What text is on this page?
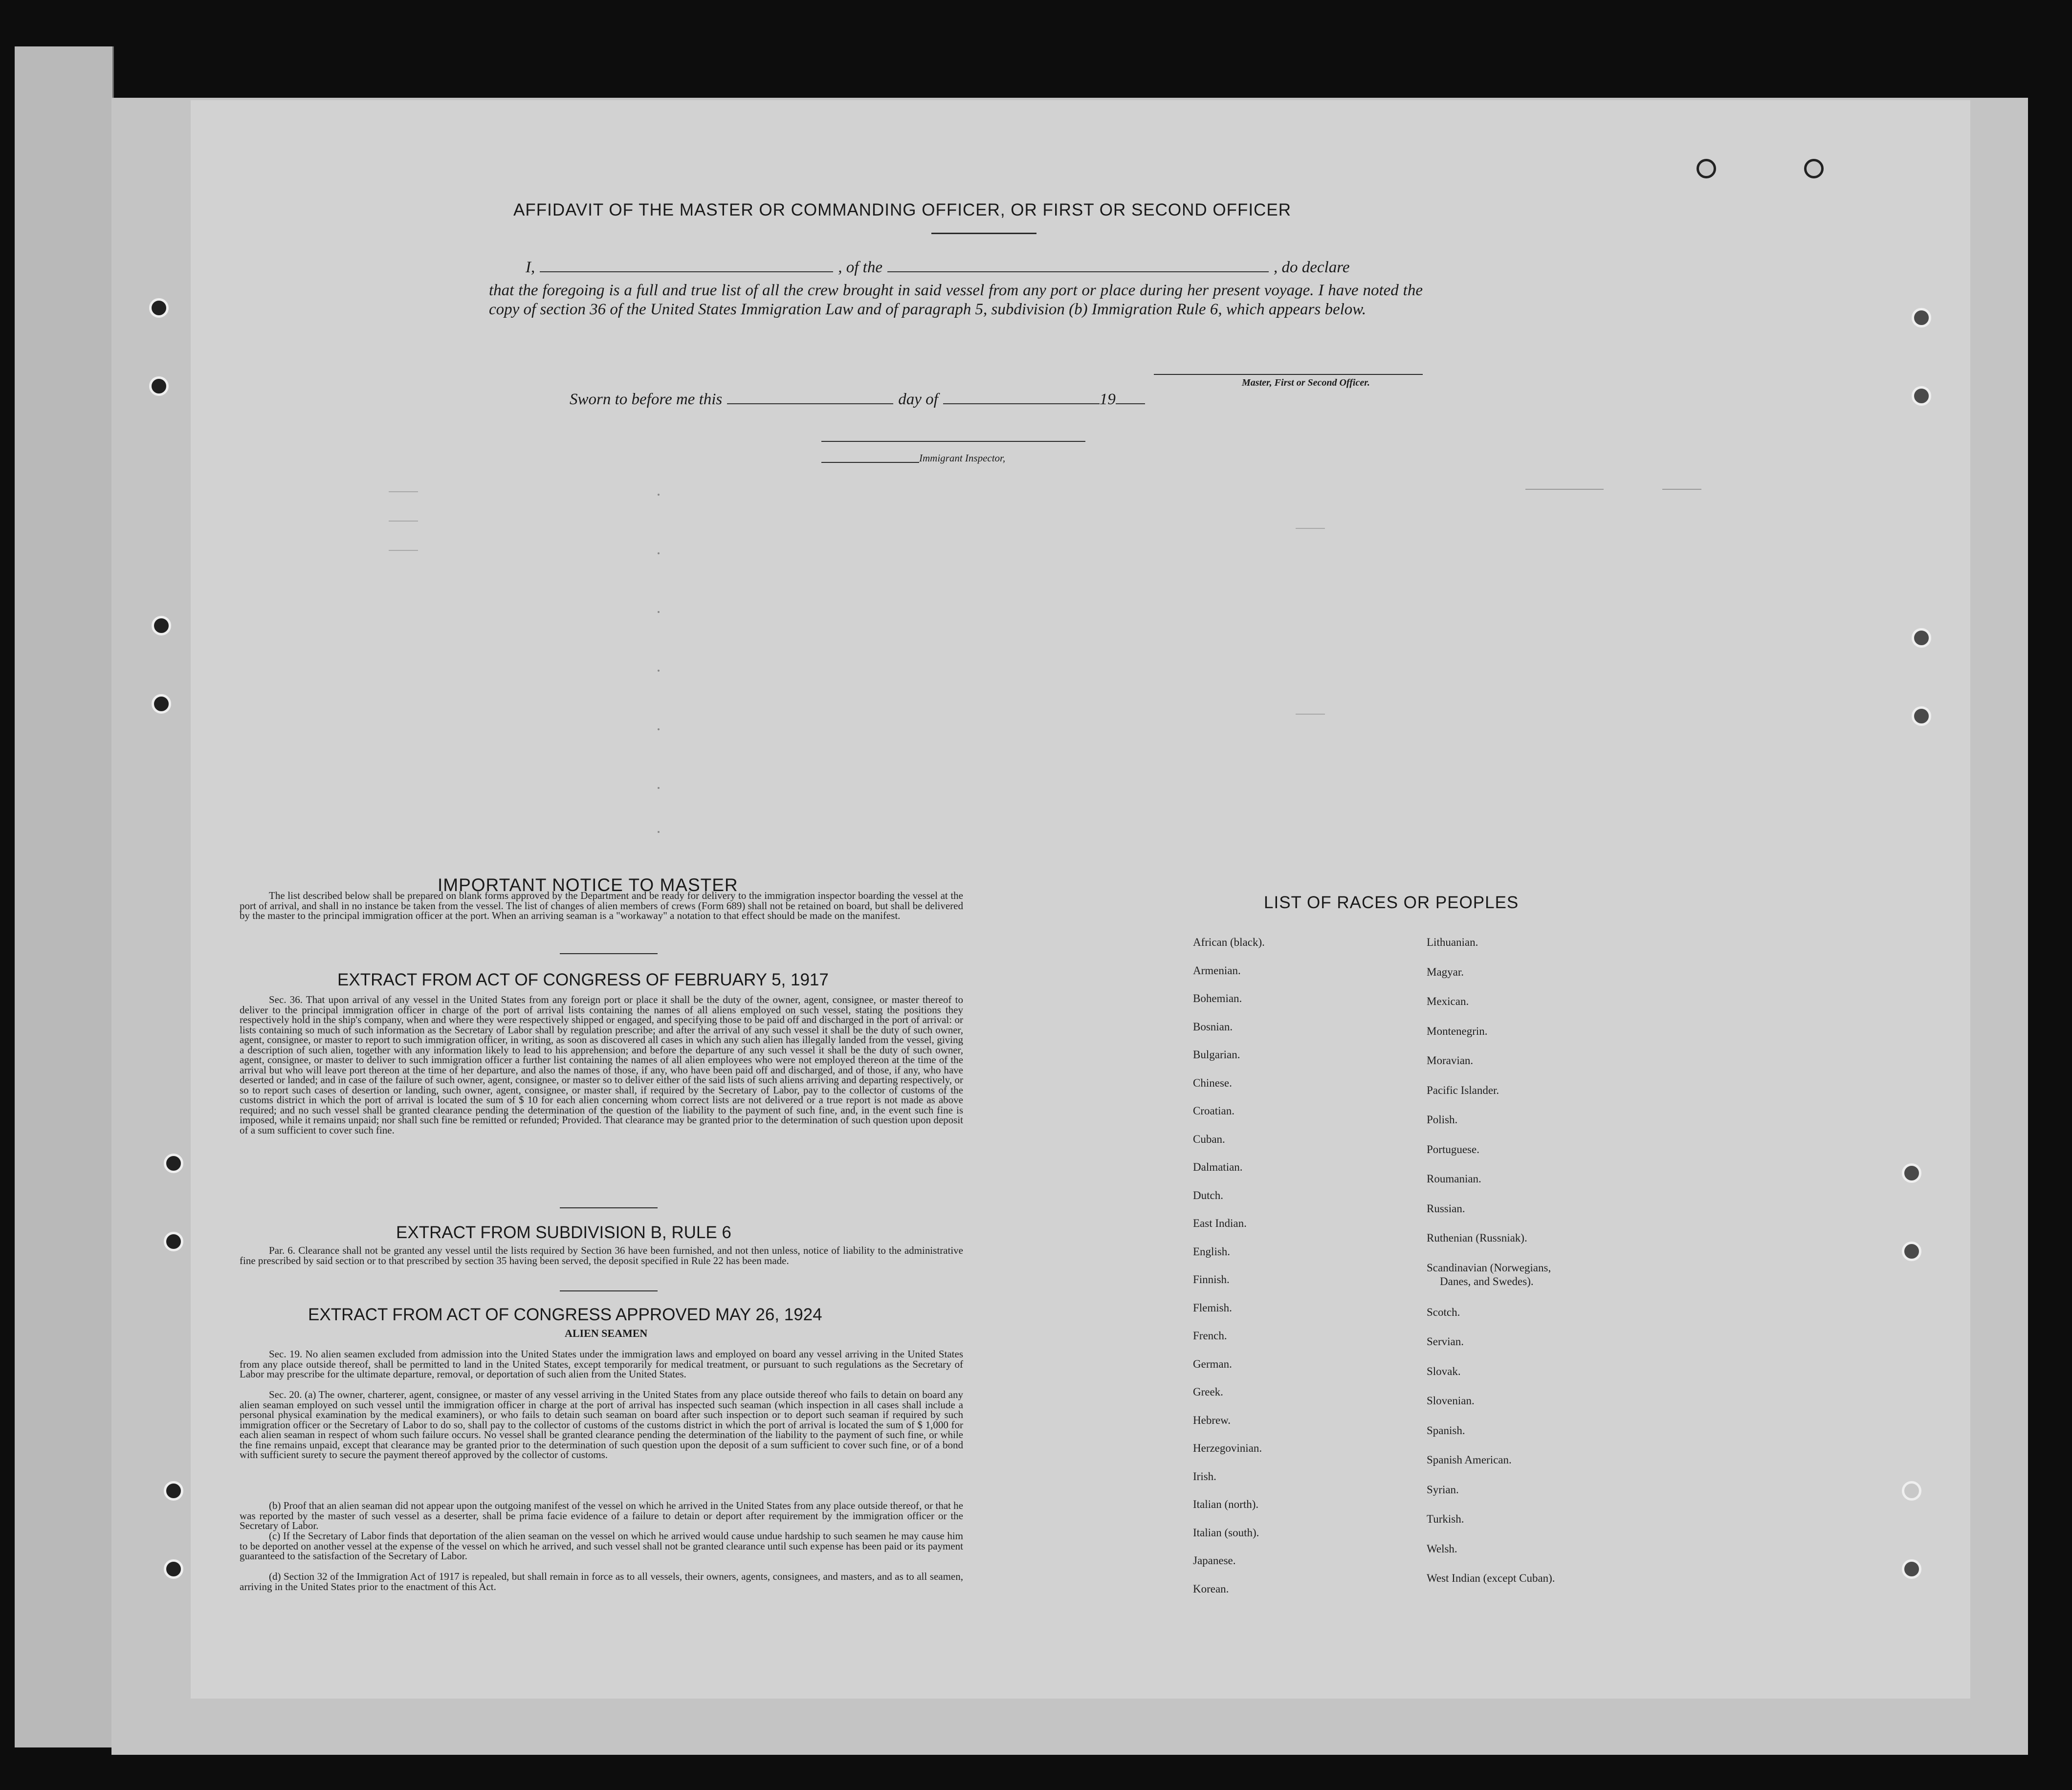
AFFIDAVIT OF THE MASTER OR COMMANDING OFFICER, OR FIRST OR SECOND OFFICER
I,	, of the	, do declare
that the foregoing is a full and true list of all the crew brought in said vessel from any port or place during her present voyage. I have noted the copy of section 36 of the United States Immigration Law and of paragraph 5, subdivision (b) Immigration Rule 6, which appears below.
Master, First or Second Officer.
Sworn to before me this	day of	19
Immigrant Inspector,
IMPORTANT NOTICE TO MASTER
The list described below shall be prepared on blank forms approved by the Department and be ready for delivery to the immigration inspector boarding the vessel at the port of arrival, and shall in no instance be taken from the vessel. The list of changes of alien members of crews (Form 689) shall not be retained on board, but shall be delivered by the master to the principal immigration officer at the port. When an arriving seaman is a "workaway" a notation to that effect should be made on the manifest.
EXTRACT FROM ACT OF CONGRESS OF FEBRUARY 5, 1917
Sec. 36. That upon arrival of any vessel in the United States from any foreign port or place it shall be the duty of the owner, agent, consignee, or master thereof to deliver to the principal immigration officer in charge of the port of arrival lists containing the names of all aliens employed on such vessel, stating the positions they respectively hold in the ship's company, when and where they were respectively shipped or engaged, and specifying those to be paid off and discharged in the port of arrival: or lists containing so much of such information as the Secretary of Labor shall by regulation prescribe; and after the arrival of any such vessel it shall be the duty of such owner, agent, consignee, or master to report to such immigration officer, in writing, as soon as discovered all cases in which any such alien has illegally landed from the vessel, giving a description of such alien, together with any information likely to lead to his apprehension; and before the departure of any such vessel it shall be the duty of such owner, agent, consignee, or master to deliver to such immigration officer a further list containing the names of all alien employees who were not employed thereon at the time of the arrival but who will leave port thereon at the time of her departure, and also the names of those, if any, who have been paid off and discharged, and of those, if any, who have deserted or landed; and in case of the failure of such owner, agent, consignee, or master so to deliver either of the said lists of such aliens arriving and departing respectively, or so to report such cases of desertion or landing, such owner, agent, consignee, or master shall, if required by the Secretary of Labor, pay to the collector of customs of the customs district in which the port of arrival is located the sum of $ 10 for each alien concerning whom correct lists are not delivered or a true report is not made as above required; and no such vessel shall be granted clearance pending the determination of the question of the liability to the payment of such fine, and, in the event such fine is imposed, while it remains unpaid; nor shall such fine be remitted or refunded; Provided. That clearance may be granted prior to the determination of such question upon deposit of a sum sufficient to cover such fine.
EXTRACT FROM SUBDIVISION B, RULE 6
Par. 6. Clearance shall not be granted any vessel until the lists required by Section 36 have been furnished, and not then unless, notice of liability to the administrative fine prescribed by said section or to that prescribed by section 35 having been served, the deposit specified in Rule 22 has been made.
EXTRACT FROM ACT OF CONGRESS APPROVED MAY 26, 1924
ALIEN SEAMEN
Sec. 19. No alien seamen excluded from admission into the United States under the immigration laws and employed on board any vessel arriving in the United States from any place outside thereof, shall be permitted to land in the United States, except temporarily for medical treatment, or pursuant to such regulations as the Secretary of Labor may prescribe for the ultimate departure, removal, or deportation of such alien from the United States.
Sec. 20. (a) The owner, charterer, agent, consignee, or master of any vessel arriving in the United States from any place outside thereof who fails to detain on board any alien seaman employed on such vessel until the immigration officer in charge at the port of arrival has inspected such seaman (which inspection in all cases shall include a personal physical examination by the medical examiners), or who fails to detain such seaman on board after such inspection or to deport such seaman if required by such immigration officer or the Secretary of Labor to do so, shall pay to the collector of customs of the customs district in which the port of arrival is located the sum of $ 1,000 for each alien seaman in respect of whom such failure occurs. No vessel shall be granted clearance pending the determination of the liability to the payment of such fine, or while the fine remains unpaid, except that clearance may be granted prior to the determination of such question upon the deposit of a sum sufficient to cover such fine, or of a bond with sufficient surety to secure the payment thereof approved by the collector of customs.
(b) Proof that an alien seaman did not appear upon the outgoing manifest of the vessel on which he arrived in the United States from any place outside thereof, or that he was reported by the master of such vessel as a deserter, shall be prima facie evidence of a failure to detain or deport after requirement by the immigration officer or the Secretary of Labor.
(c) If the Secretary of Labor finds that deportation of the alien seaman on the vessel on which he arrived would cause undue hardship to such seamen he may cause him to be deported on another vessel at the expense of the vessel on which he arrived, and such vessel shall not be granted clearance until such expense has been paid or its payment guaranteed to the satisfaction of the Secretary of Labor.
(d) Section 32 of the Immigration Act of 1917 is repealed, but shall remain in force as to all vessels, their owners, agents, consignees, and masters, and as to all seamen, arriving in the United States prior to the enactment of this Act.
LIST OF RACES OR PEOPLES
African (black).
Armenian.
Bohemian.
Bosnian.
Bulgarian.
Chinese.
Croatian.
Cuban.
Dalmatian.
Dutch.
East Indian.
English.
Finnish.
Flemish.
French.
German.
Greek.
Hebrew.
Herzegovinian.
Irish.
Italian (north).
Italian (south).
Japanese.
Korean.
Lithuanian.
Magyar.
Mexican.
Montenegrin.
Moravian.
Pacific Islander.
Polish.
Portuguese.
Roumanian.
Russian.
Ruthenian (Russniak).
Scandinavian (Norwegians,
Danes, and Swedes).
Scotch.
Servian.
Slovak.
Slovenian.
Spanish.
Spanish American.
Syrian.
Turkish.
Welsh.
West Indian (except Cuban).
